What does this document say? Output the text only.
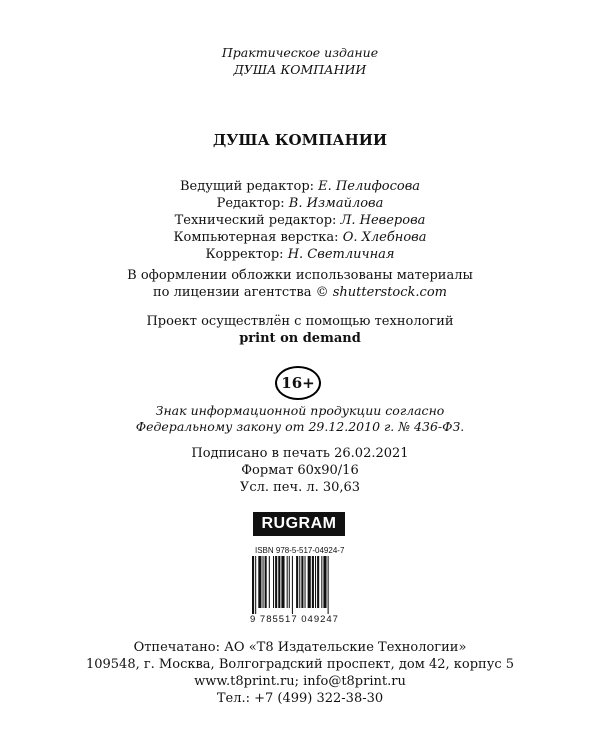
Практическое издание
ДУША КОМПАНИИ
ДУША КОМПАНИИ
Ведущий редактор: Е. Пелифосова
Редактор: В. Измайлова
Технический редактор: Л. Неверова
Компьютерная верстка: О. Хлебнова
Корректор: Н. Светличная
В оформлении обложки использованы материалы
по лицензии агентства © shutterstock.com
Проект осуществлён с помощью технологий
print on demand
16+
Знак информационной продукции согласно
Федеральному закону от 29.12.2010 г. № 436-ФЗ.
Подписано в печать 26.02.2021
Формат 60х90/16
Усл. печ. л. 30,63
RUGRAM
ISBN 978-5-517-04924-7
9 785517 049247
Отпечатано: АО «Т8 Издательские Технологии»
109548, г. Москва, Волгоградский проспект, дом 42, корпус 5
www.t8print.ru; info@t8print.ru
Тел.: +7 (499) 322-38-30
